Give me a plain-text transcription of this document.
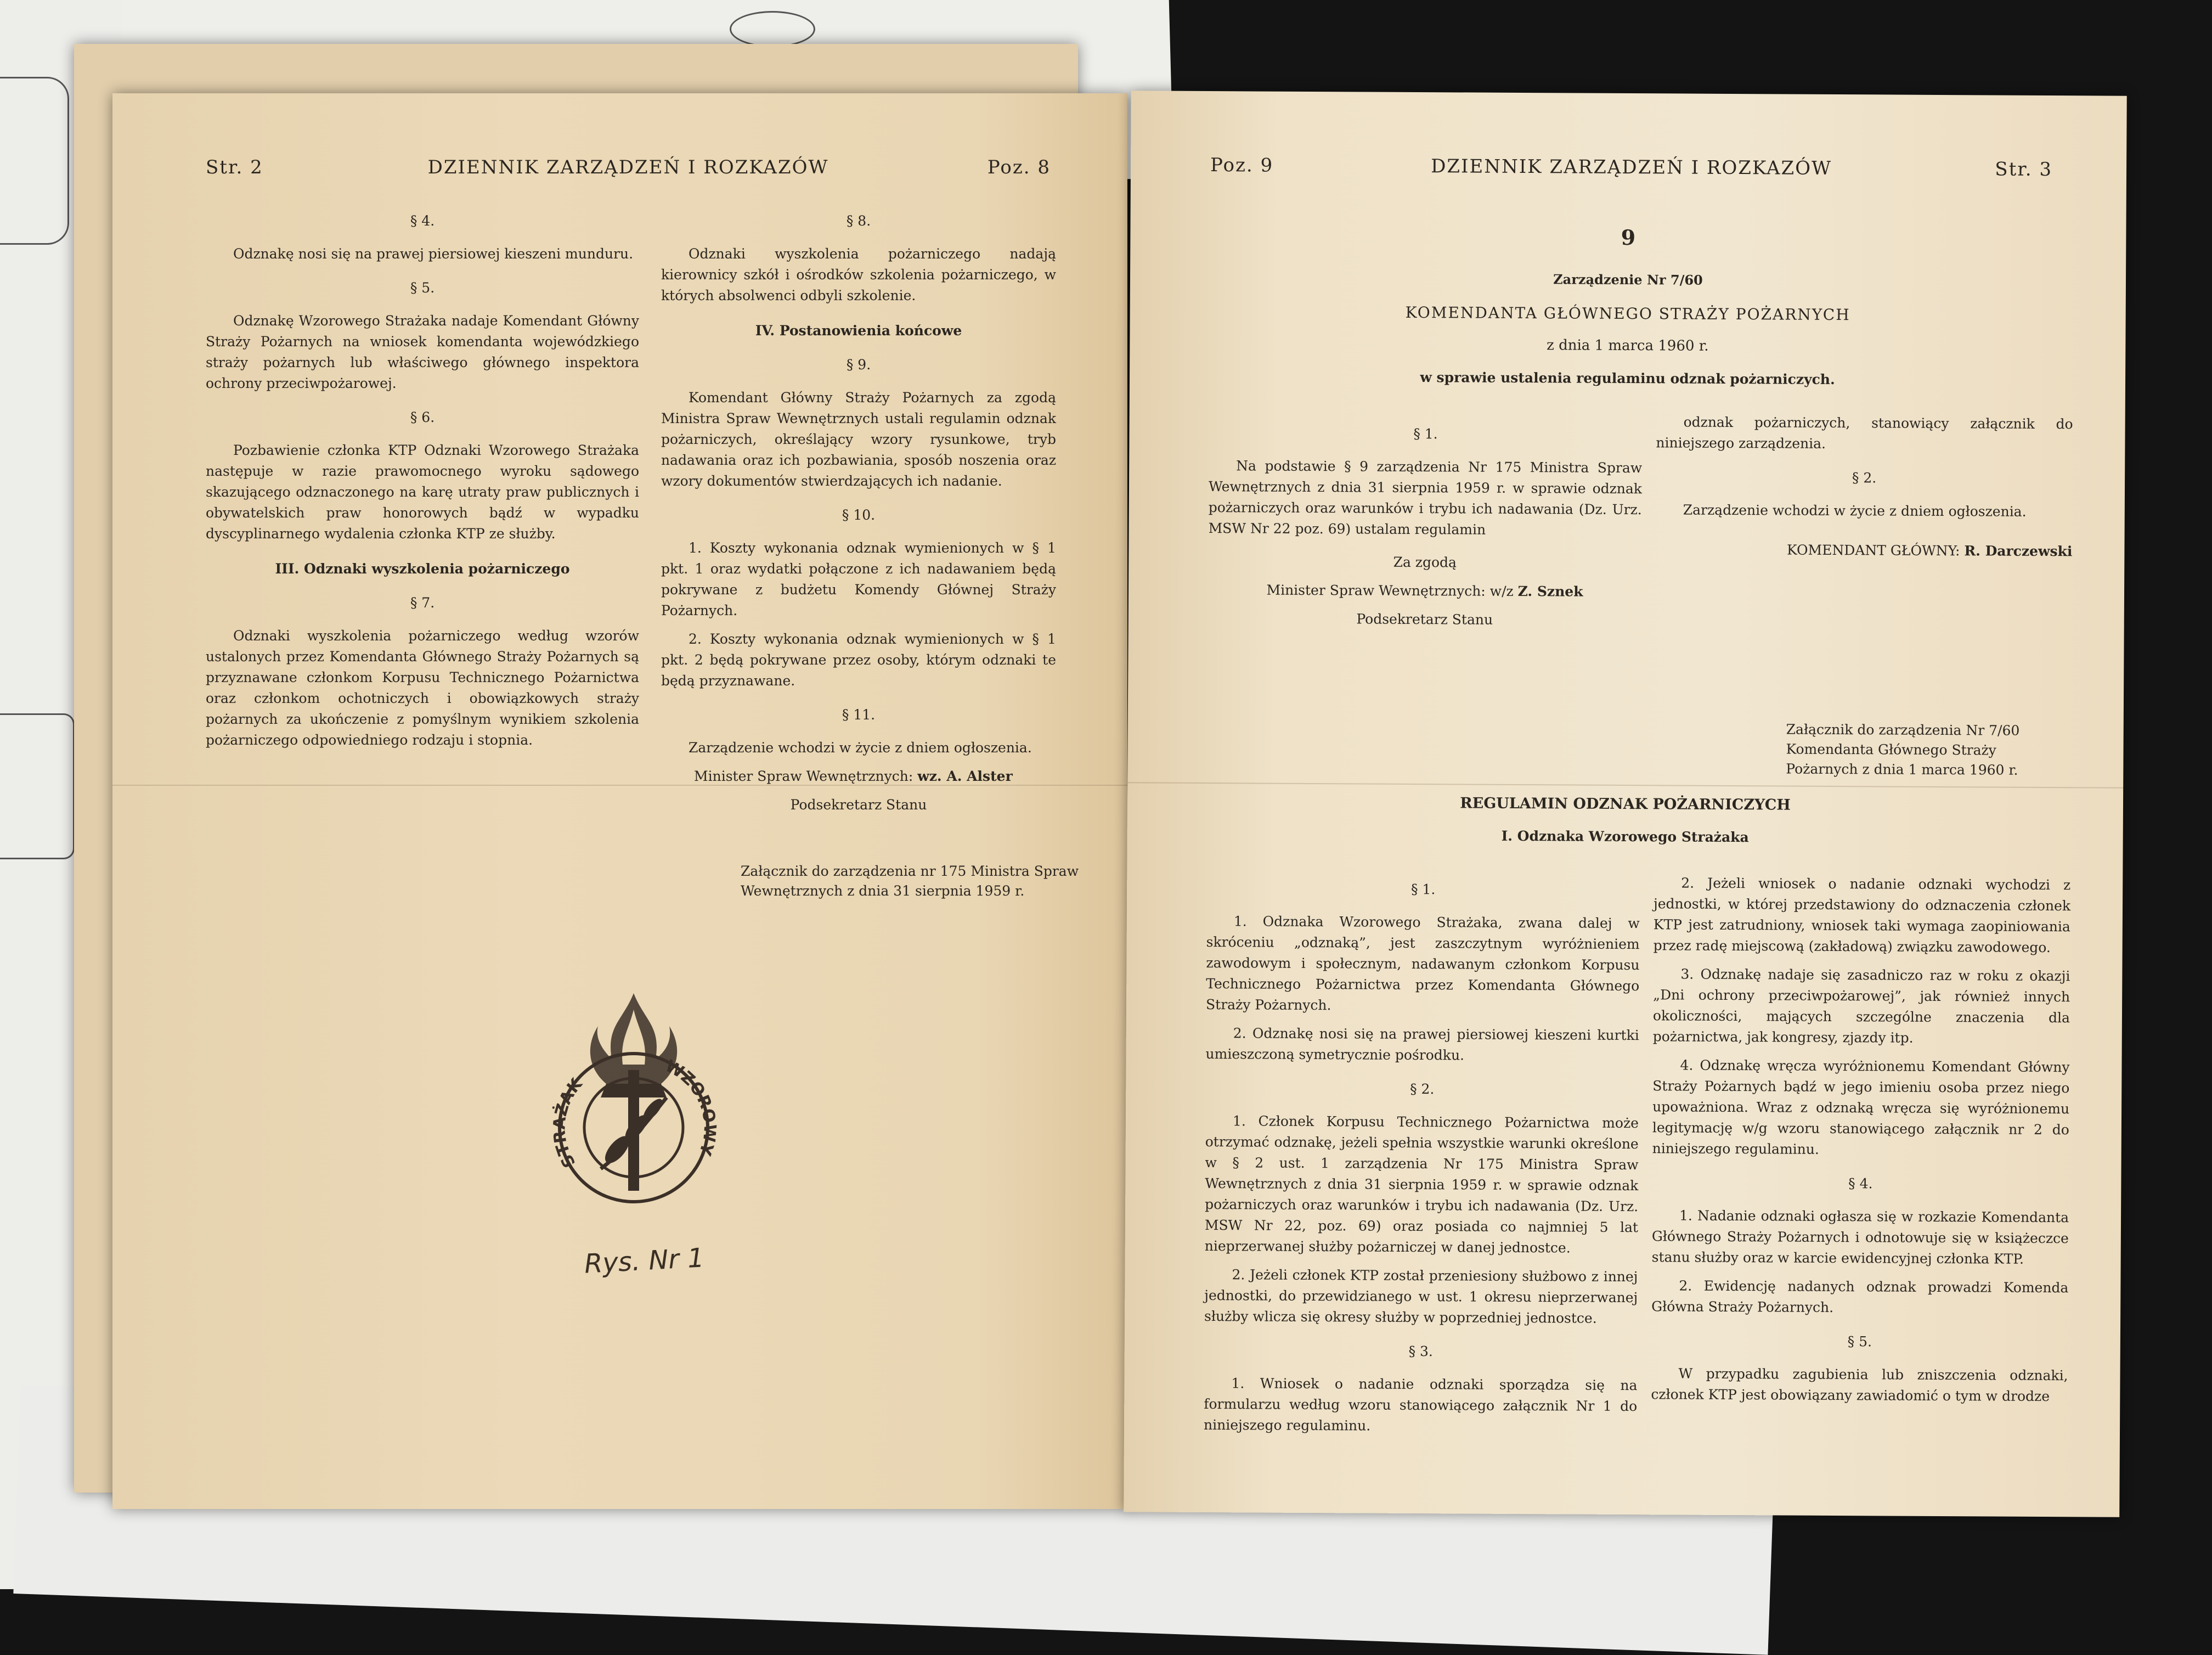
Str. 2	DZIENNIK ZARZĄDZEŃ I ROZKAZÓW	Poz. 8

§ 4.

Odznakę nosi się na prawej piersiowej kieszeni munduru.

§ 5.

Odznakę Wzorowego Strażaka nadaje Komendant Główny Straży Pożarnych na wniosek komendanta wojewódzkiego straży pożarnych lub właściwego głównego inspektora ochrony przeciwpożarowej.

§ 6.

Pozbawienie członka KTP Odznaki Wzorowego Strażaka następuje w razie prawomocnego wyroku sądowego skazującego odznaczonego na karę utraty praw publicznych i obywatelskich praw honorowych bądź w wypadku dyscyplinarnego wydalenia członka KTP ze służby.

III. Odznaki wyszkolenia pożarniczego

§ 7.

Odznaki wyszkolenia pożarniczego według wzorów ustalonych przez Komendanta Głównego Straży Pożarnych są przyznawane członkom Korpusu Technicznego Pożarnictwa oraz członkom ochotniczych i obowiązkowych straży pożarnych za ukończenie z pomyślnym wynikiem szkolenia pożarniczego odpowiedniego rodzaju i stopnia.

§ 8.

Odznaki wyszkolenia pożarniczego nadają kierownicy szkół i ośrodków szkolenia pożarniczego, w których absolwenci odbyli szkolenie.

IV. Postanowienia końcowe

§ 9.

Komendant Główny Straży Pożarnych za zgodą Ministra Spraw Wewnętrznych ustali regulamin odznak pożarniczych, określający wzory rysunkowe, tryb nadawania oraz ich pozbawiania, sposób noszenia oraz wzory dokumentów stwierdzających ich nadanie.

§ 10.

1. Koszty wykonania odznak wymienionych w § 1 pkt. 1 oraz wydatki połączone z ich nadawaniem będą pokrywane z budżetu Komendy Głównej Straży Pożarnych.

2. Koszty wykonania odznak wymienionych w § 1 pkt. 2 będą pokrywane przez osoby, którym odznaki te będą przyznawane.

§ 11.

Zarządzenie wchodzi w życie z dniem ogłoszenia.

Minister Spraw Wewnętrznych: wz. A. Alster

Podsekretarz Stanu

Załącznik do zarządzenia nr 175 Ministra Spraw Wewnętrznych z dnia 31 sierpnia 1959 r.
STRAŻAK
WZOROWY
Rys. Nr 1
Poz. 9	DZIENNIK ZARZĄDZEŃ I ROZKAZÓW	Str. 3
9
Zarządzenie Nr 7/60
KOMENDANTA GŁÓWNEGO STRAŻY POŻARNYCH
z dnia 1 marca 1960 r.
w sprawie ustalenia regulaminu odznak pożarniczych.

§ 1.

Na podstawie § 9 zarządzenia Nr 175 Ministra Spraw Wewnętrznych z dnia 31 sierpnia 1959 r. w sprawie odznak pożarniczych oraz warunków i trybu ich nadawania (Dz. Urz. MSW Nr 22 poz. 69) ustalam regulamin

Za zgodą

Minister Spraw Wewnętrznych: w/z Z. Sznek

Podsekretarz Stanu

odznak pożarniczych, stanowiący załącznik do niniejszego zarządzenia.

§ 2.

Zarządzenie wchodzi w życie z dniem ogłoszenia.

KOMENDANT GŁÓWNY: R. Darczewski

Załącznik do zarządzenia Nr 7/60 Komendanta Głównego Straży Pożarnych z dnia 1 marca 1960 r.
REGULAMIN ODZNAK POŻARNICZYCH
I. Odznaka Wzorowego Strażaka

§ 1.

1. Odznaka Wzorowego Strażaka, zwana dalej w skróceniu „odznaką”, jest zaszczytnym wyróżnieniem zawodowym i społecznym, nadawanym członkom Korpusu Technicznego Pożarnictwa przez Komendanta Głównego Straży Pożarnych.

2. Odznakę nosi się na prawej piersiowej kieszeni kurtki umieszczoną symetrycznie pośrodku.

§ 2.

1. Członek Korpusu Technicznego Pożarnictwa może otrzymać odznakę, jeżeli spełnia wszystkie warunki określone w § 2 ust. 1 zarządzenia Nr 175 Ministra Spraw Wewnętrznych z dnia 31 sierpnia 1959 r. w sprawie odznak pożarniczych oraz warunków i trybu ich nadawania (Dz. Urz. MSW Nr 22, poz. 69) oraz posiada co najmniej 5 lat nieprzerwanej służby pożarniczej w danej jednostce.

2. Jeżeli członek KTP został przeniesiony służbowo z innej jednostki, do przewidzianego w ust. 1 okresu nieprzerwanej służby wlicza się okresy służby w poprzedniej jednostce.

§ 3.

1. Wniosek o nadanie odznaki sporządza się na formularzu według wzoru stanowiącego załącznik Nr 1 do niniejszego regulaminu.

2. Jeżeli wniosek o nadanie odznaki wychodzi z jednostki, w której przedstawiony do odznaczenia członek KTP jest zatrudniony, wniosek taki wymaga zaopiniowania przez radę miejscową (zakładową) związku zawodowego.

3. Odznakę nadaje się zasadniczo raz w roku z okazji „Dni ochrony przeciwpożarowej”, jak również innych okoliczności, mających szczególne znaczenia dla pożarnictwa, jak kongresy, zjazdy itp.

4. Odznakę wręcza wyróżnionemu Komendant Główny Straży Pożarnych bądź w jego imieniu osoba przez niego upoważniona. Wraz z odznaką wręcza się wyróżnionemu legitymację w/g wzoru stanowiącego załącznik nr 2 do niniejszego regulaminu.

§ 4.

1. Nadanie odznaki ogłasza się w rozkazie Komendanta Głównego Straży Pożarnych i odnotowuje się w książeczce stanu służby oraz w karcie ewidencyjnej członka KTP.

2. Ewidencję nadanych odznak prowadzi Komenda Główna Straży Pożarnych.

§ 5.

W przypadku zagubienia lub zniszczenia odznaki, członek KTP jest obowiązany zawiadomić o tym w drodze
